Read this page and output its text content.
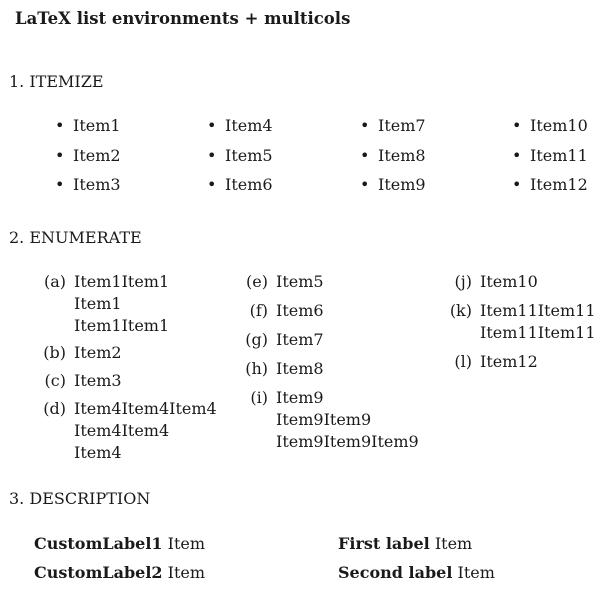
LaTeX list environments + multicols
1. ITEMIZE
• Item1
• Item2
• Item3
• Item4
• Item5
• Item6
• Item7
• Item8
• Item9
• Item10
• Item11
• Item12
2. ENUMERATE
(a) Item1Item1
Item1
Item1Item1
(b) Item2
(c) Item3
(d) Item4Item4Item4
Item4Item4
Item4
(e) Item5
(f) Item6
(g) Item7
(h) Item8
(i) Item9
Item9Item9
Item9Item9Item9
(j) Item10
(k) Item11Item11
Item11Item11
(l) Item12
3. DESCRIPTION
CustomLabel1 Item
CustomLabel2 Item
First label Item
Second label Item
